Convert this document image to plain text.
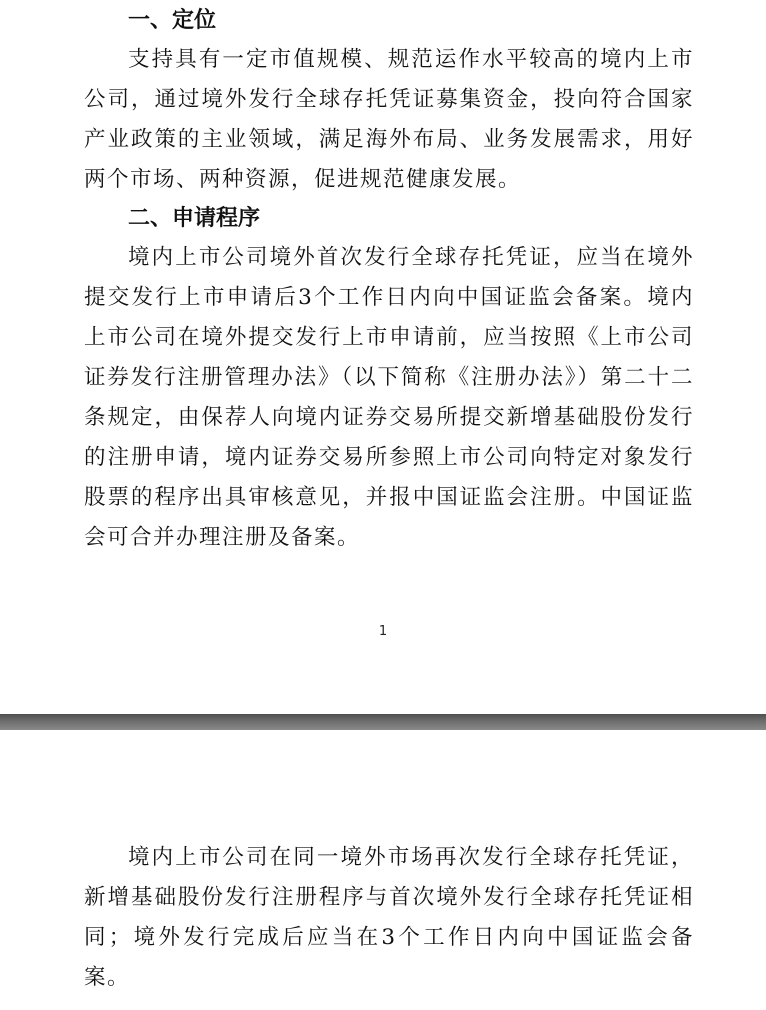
一、定位

支持具有一定市值规模、规范运作水平较高的境内上市公司，通过境外发行全球存托凭证募集资金，投向符合国家产业政策的主业领域，满足海外布局、业务发展需求，用好两个市场、两种资源，促进规范健康发展。

二、申请程序

境内上市公司境外首次发行全球存托凭证，应当在境外提交发行上市申请后3个工作日内向中国证监会备案。境内上市公司在境外提交发行上市申请前，应当按照《上市公司证券发行注册管理办法》（以下简称《注册办法》）第二十二条规定，由保荐人向境内证券交易所提交新增基础股份发行的注册申请，境内证券交易所参照上市公司向特定对象发行股票的程序出具审核意见，并报中国证监会注册。中国证监会可合并办理注册及备案。

1

境内上市公司在同一境外市场再次发行全球存托凭证，新增基础股份发行注册程序与首次境外发行全球存托凭证相同；境外发行完成后应当在3个工作日内向中国证监会备案。
